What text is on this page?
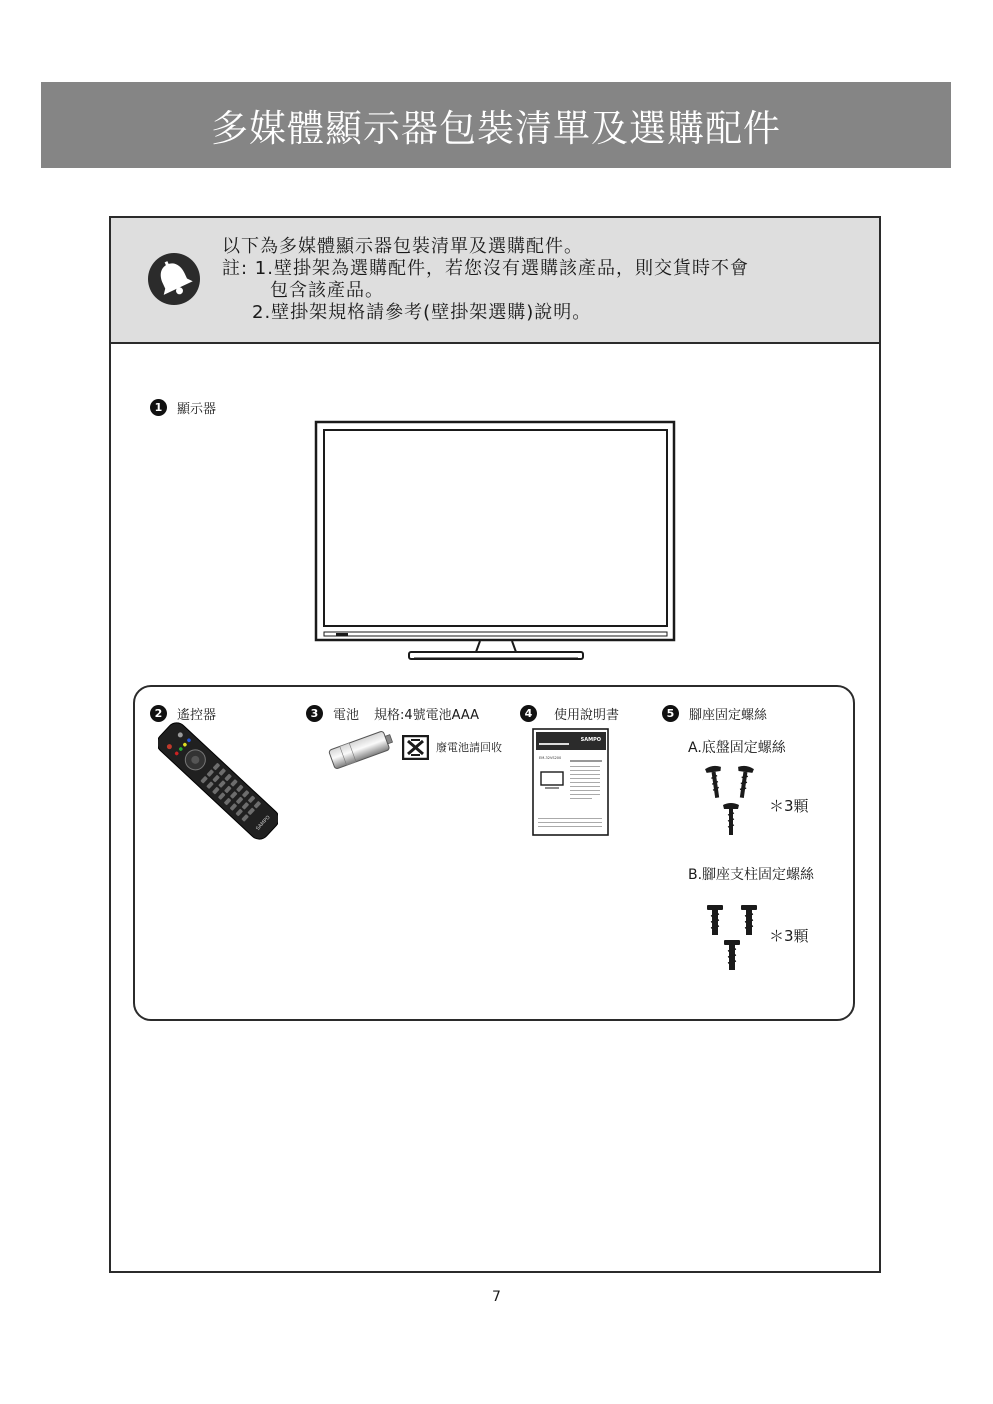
多媒體顯示器包裝清單及選購配件
以下為多媒體顯示器包裝清單及選購配件。
註: 1.壁掛架為選購配件，若您沒有選購該產品，則交貨時不會
包含該產品。
2.壁掛架規格請參考(壁掛架選購)說明。
1	顯示器
2	遙控器
SAMPO
3	電池 規格:4號電池AAA
廢電池請回收
4	使用說明書
SAMPO
EM-32VS200
5	腳座固定螺絲
A.底盤固定螺絲
＊3顆
B.腳座支柱固定螺絲
＊3顆
7
